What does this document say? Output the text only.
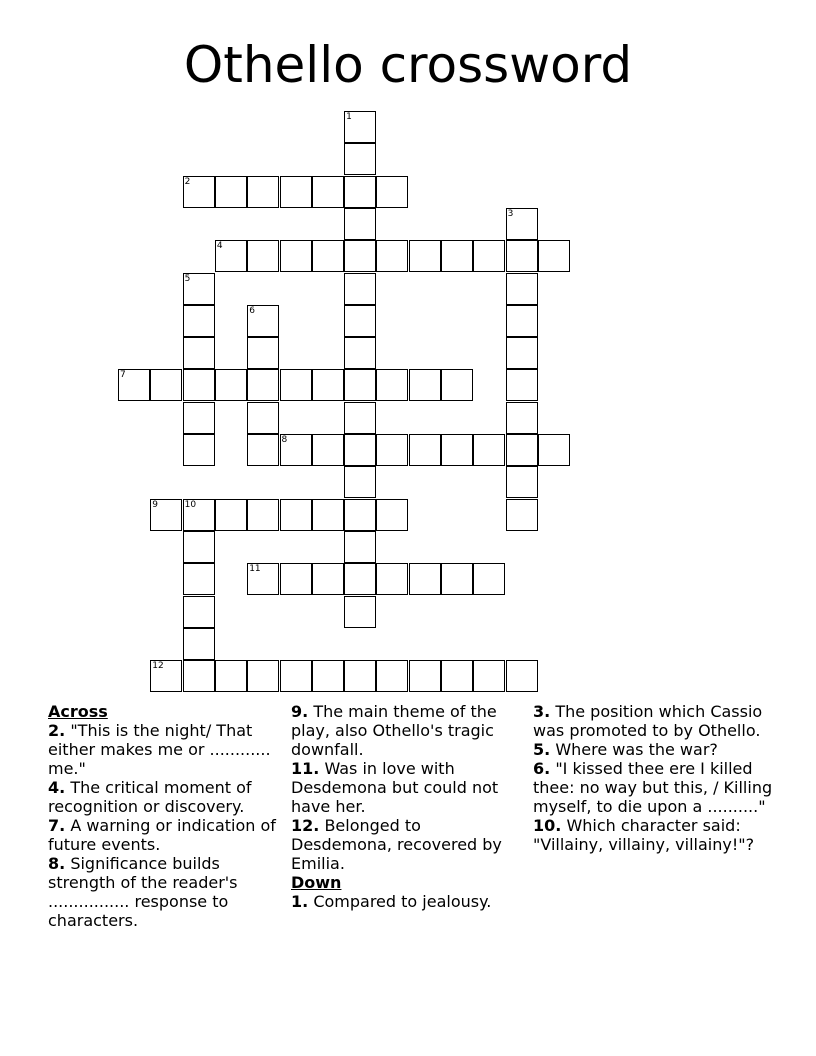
Othello crossword
1
2
3
4
5
6
7
8
9	10
11
12
Across

2. "This is the night/ That either makes me or ............ me."

4. The critical moment of recognition or discovery.

7. A warning or indication of future events.

8. Significance builds strength of the reader's ................ response to characters.

9. The main theme of the play, also Othello's tragic downfall.

11. Was in love with Desdemona but could not have her.

12. Belonged to Desdemona, recovered by Emilia.

Down

1. Compared to jealousy.

3. The position which Cassio was promoted to by Othello.

5. Where was the war?

6. "I kissed thee ere I killed thee: no way but this, / Killing myself, to die upon a .........."

10. Which character said: "Villainy, villainy, villainy!"?
